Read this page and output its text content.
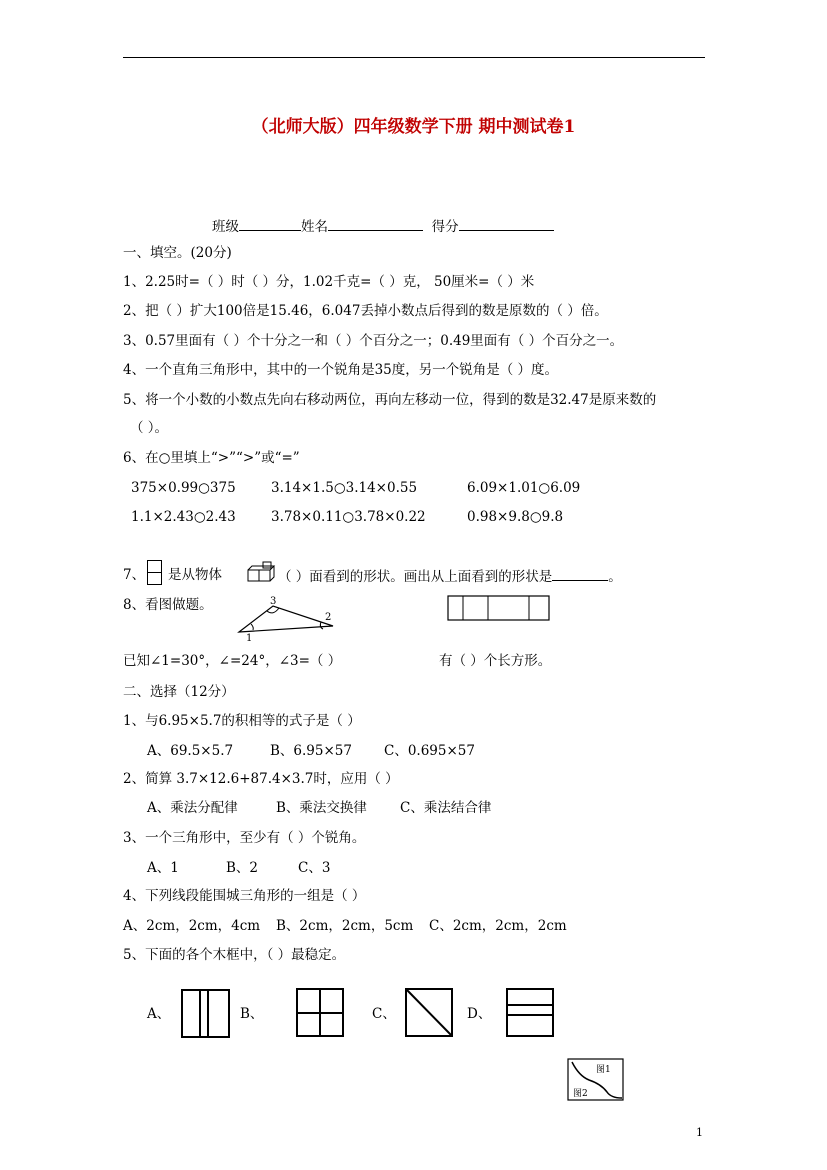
（北师大版）四年级数学下册 期中测试卷1
班级	姓名	得分
一、填空。(20分)
1、2.25时=（ ）时（ ）分，1.02千克=（ ）克， 50厘米=（ ）米
2、把（ ）扩大100倍是15.46，6.047丢掉小数点后得到的数是原数的（ ）倍。
3、0.57里面有（ ）个十分之一和（ ）个百分之一；0.49里面有（ ）个百分之一。
4、一个直角三角形中，其中的一个锐角是35度，另一个锐角是（ ）度。
5、将一个小数的小数点先向右移动两位，再向左移动一位，得到的数是32.47是原来数的
（ ）。
6、在○里填上“>”“>”或“=”
375×0.99○375	3.14×1.5○3.14×0.55	6.09×1.01○6.09
1.1×2.43○2.43	3.78×0.11○3.78×0.22	0.98×9.8○9.8
7、 是从物体	（ ）面看到的形状。画出从上面看到的形状是	。
8、看图做题。	3
2
1
已知∠1=30°，∠=24°，∠3=（ ）	有（ ）个长方形。
二、选择（12分）
1、与6.95×5.7的积相等的式子是（ ）
A、69.5×5.7	B、6.95×57 C、0.695×57
2、简算 3.7×12.6+87.4×3.7时，应用（ ）
A、乘法分配律	B、乘法交换律 C、乘法结合律
3、一个三角形中，至少有（ ）个锐角。
A、1	B、2	C、3
4、下列线段能围城三角形的一组是（ ）
A、2cm，2cm，4cm B、2cm，2cm，5cm C、2cm，2cm，2cm
5、下面的各个木框中，（ ）最稳定。
A、	B、	C、	D、
图1
图2
1
